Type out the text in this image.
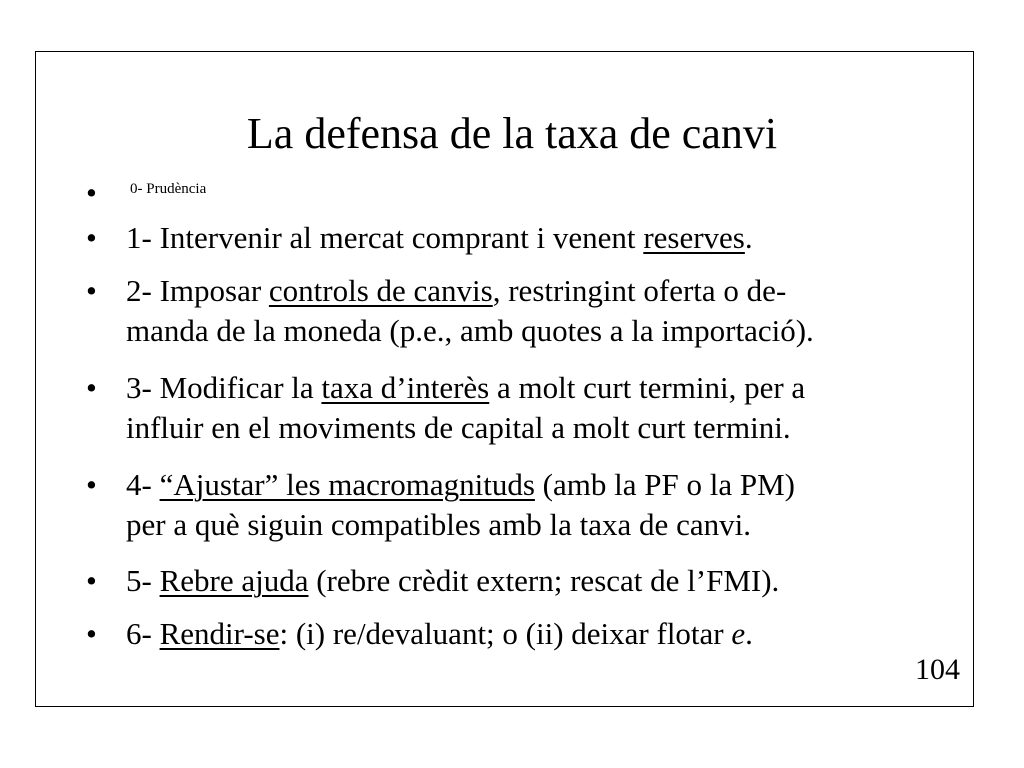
La defensa de la taxa de canvi
• 0- Prudència
• 1- Intervenir al mercat comprant i venent reserves.
• 2- Imposar controls de canvis, restringint oferta o de-
manda de la moneda (p.e., amb quotes a la importació).
• 3- Modificar la taxa d’interès a molt curt termini, per a
influir en el moviments de capital a molt curt termini.
• 4- “Ajustar” les macromagnituds (amb la PF o la PM)
per a què siguin compatibles amb la taxa de canvi.
• 5- Rebre ajuda (rebre crèdit extern; rescat de l’FMI).
• 6- Rendir-se: (i) re/devaluant; o (ii) deixar flotar e.
104
